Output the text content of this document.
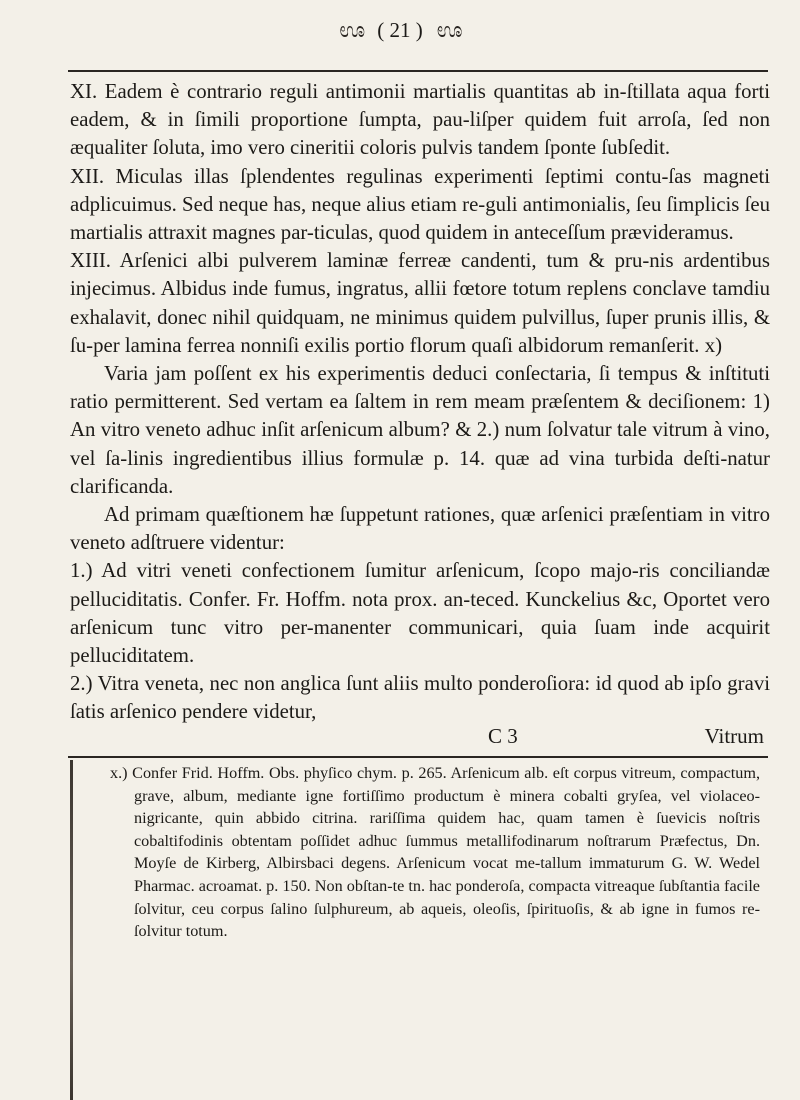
ಊ ( 21 ) ಊ

XI. Eadem è contrario reguli antimonii martialis quantitas ab in-ſtillata aqua forti eadem, & in ſimili proportione ſumpta, pau-liſper quidem fuit arroſa, ſed non æqualiter ſoluta, imo vero cineritii coloris pulvis tandem ſponte ſubſedit.

XII. Miculas illas ſplendentes regulinas experimenti ſeptimi contu-ſas magneti adplicuimus. Sed neque has, neque alius etiam re-guli antimonialis, ſeu ſimplicis ſeu martialis attraxit magnes par-ticulas, quod quidem in anteceſſum prævideramus.

XIII. Arſenici albi pulverem laminæ ferreæ candenti, tum & pru-nis ardentibus injecimus. Albidus inde fumus, ingratus, allii fœtore totum replens conclave tamdiu exhalavit, donec nihil quidquam, ne minimus quidem pulvillus, ſuper prunis illis, & ſu-per lamina ferrea nonniſi exilis portio florum quaſi albidorum remanſerit. x)

Varia jam poſſent ex his experimentis deduci conſectaria, ſi tempus & inſtituti ratio permitterent. Sed vertam ea ſaltem in rem meam præſentem & deciſionem: 1) An vitro veneto adhuc inſit arſenicum album? & 2.) num ſolvatur tale vitrum à vino, vel ſa-linis ingredientibus illius formulæ p. 14. quæ ad vina turbida deſti-natur clarificanda.

Ad primam quæſtionem hæ ſuppetunt rationes, quæ arſenici præſentiam in vitro veneto adſtruere videntur:

1.) Ad vitri veneti confectionem ſumitur arſenicum, ſcopo majo-ris conciliandæ pelluciditatis. Confer. Fr. Hoffm. nota prox. an-teced. Kunckelius &c, Oportet vero arſenicum tunc vitro per-manenter communicari, quia ſuam inde acquirit pelluciditatem.

2.) Vitra veneta, nec non anglica ſunt aliis multo ponderoſiora: id quod ab ipſo gravi ſatis arſenico pendere videtur,

C 3	Vitrum

x.) Confer Frid. Hoffm. Obs. phyſico chym. p. 265. Arſenicum alb. eſt corpus vitreum, compactum, grave, album, mediante igne fortiſſimo productum è minera cobalti gryſea, vel violaceo-nigricante, quin abbido citrina. rariſſima quidem hac, quam tamen è ſuevicis noſtris cobaltifodinis obtentam poſſidet adhuc ſummus metallifodinarum noſtrarum Præfectus, Dn. Moyſe de Kirberg, Albirsbaci degens. Arſenicum vocat me-tallum immaturum G. W. Wedel Pharmac. acroamat. p. 150. Non obſtan-te tn. hac ponderoſa, compacta vitreaque ſubſtantia facile ſolvitur, ceu corpus ſalino ſulphureum, ab aqueis, oleoſis, ſpirituoſis, & ab igne in fumos re-ſolvitur totum.
